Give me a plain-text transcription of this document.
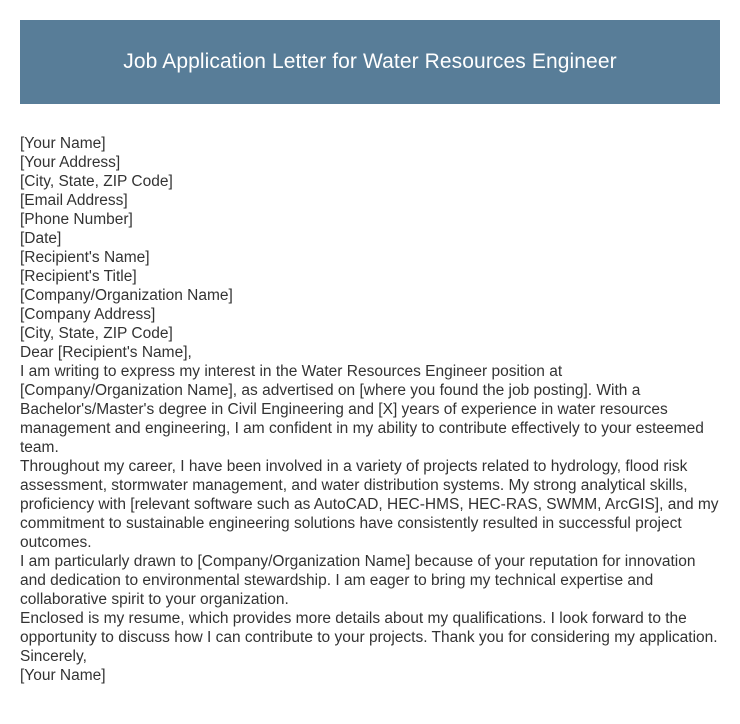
Job Application Letter for Water Resources Engineer
[Your Name]
[Your Address]
[City, State, ZIP Code]
[Email Address]
[Phone Number]
[Date]
[Recipient's Name]
[Recipient's Title]
[Company/Organization Name]
[Company Address]
[City, State, ZIP Code]

Dear [Recipient's Name],

I am writing to express my interest in the Water Resources Engineer position at [Company/Organization Name], as advertised on [where you found the job posting]. With a Bachelor's/Master's degree in Civil Engineering and [X] years of experience in water resources management and engineering, I am confident in my ability to contribute effectively to your esteemed team.

Throughout my career, I have been involved in a variety of projects related to hydrology, flood risk assessment, stormwater management, and water distribution systems. My strong analytical skills, proficiency with [relevant software such as AutoCAD, HEC-HMS, HEC-RAS, SWMM, ArcGIS], and my commitment to sustainable engineering solutions have consistently resulted in successful project outcomes.

I am particularly drawn to [Company/Organization Name] because of your reputation for innovation and dedication to environmental stewardship. I am eager to bring my technical expertise and collaborative spirit to your organization.

Enclosed is my resume, which provides more details about my qualifications. I look forward to the opportunity to discuss how I can contribute to your projects. Thank you for considering my application.

Sincerely,

[Your Name]
